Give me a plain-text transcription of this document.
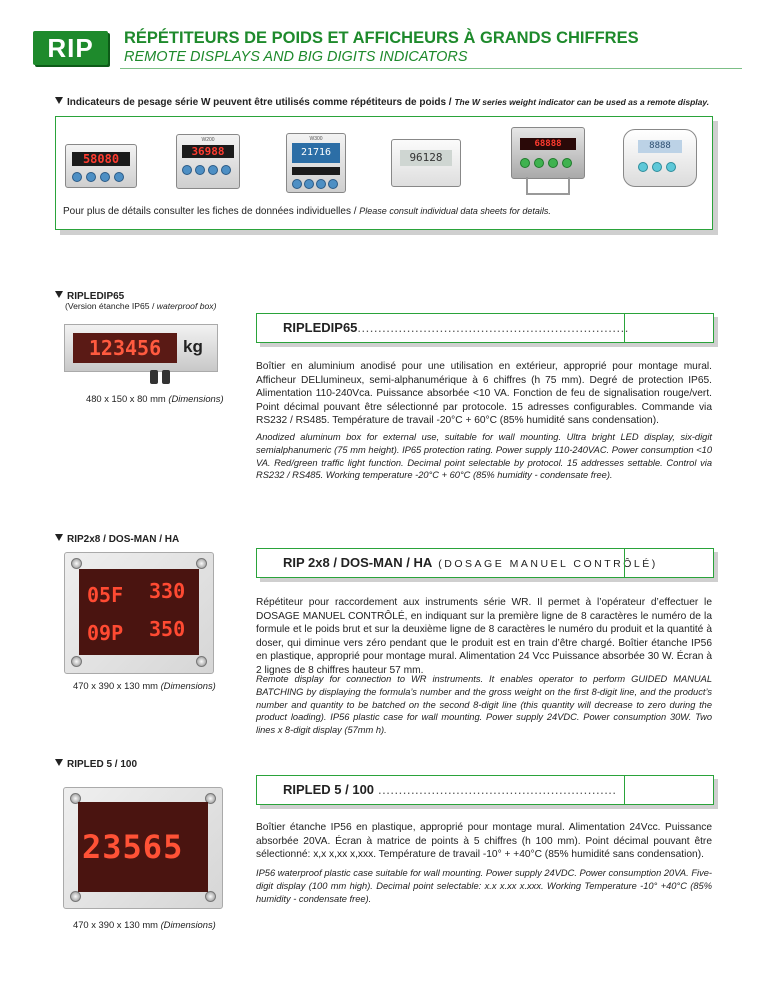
RIP	RÉPÉTITEURS DE POIDS ET AFFICHEURS À GRANDS CHIFFRES
REMOTE DISPLAYS AND BIG DIGITS INDICATORS
Indicateurs de pesage série W peuvent être utilisés comme répétiteurs de poids / The W series weight indicator can be used as a remote display.
58080
W200
36988
W300
21716	96128
68888	8888
Pour plus de détails consulter les fiches de données individuelles / Please consult individual data sheets for details.
RIPLEDIP65
(Version étanche IP65 / waterproof box)
123456	kg
480 x 150 x 80 mm (Dimensions)
RIPLEDIP65..................................................................
Boîtier en aluminium anodisé pour une utilisation en extérieur, approprié pour montage mural. Afficheur DELlumineux, semi-alphanumérique à 6 chiffres (h 75 mm). Degré de protection IP65. Alimentation 110-240Vca. Puissance absorbée <10 VA. Fonction de feu de signalisation rouge/vert. Point décimal pouvant être sélectionné par protocole. 15 adresses configurables. Commande via RS232 / RS485. Température de travail -20°C + 60°C (85% humidité sans condensation).
Anodized aluminum box for external use, suitable for wall mounting. Ultra bright LED display, six-digit semialphanumeric (75 mm height). IP65 protection rating. Power supply 110-240VAC. Power consumption <10 VA. Red/green traffic light function. Decimal point selectable by protocol. 15 addresses settable. Control via RS232 / RS485. Working temperature -20°C + 60°C (85% humidity - condensate free).
RIP2x8 / DOS-MAN / HA
05F 330
09P 350
470 x 390 x 130 mm (Dimensions)
RIP 2x8 / DOS-MAN / HA (DOSAGE MANUEL CONTRÔLÉ)
Répétiteur pour raccordement aux instruments série WR. Il permet à l’opérateur d’effectuer le DOSAGE MANUEL CONTRÔLÉ, en indiquant sur la première ligne de 8 caractères le numéro de la formule et le poids brut et sur la deuxième ligne de 8 caractères le numéro du produit et la quantité à doser, qui diminue vers zéro pendant que le produit est en train d’être chargé. Boîtier étanche IP56 en plastique, approprié pour montage mural. Alimentation 24 Vcc Puissance absorbée 30 W. Écran à 2 lignes de 8 chiffres hauteur 57 mm.
Remote display for connection to WR instruments. It enables operator to perform GUIDED MANUAL BATCHING by displaying the formula’s number and the gross weight on the first 8-digit line, and the product’s number and quantity to be batched on the second 8-digit line (this quantity will decrease to zero during the product loading). IP56 plastic case for wall mounting. Power supply 24VDC. Power consumption 30W. Two lines x 8-digit display (57mm h).
RIPLED 5 / 100
23565
470 x 390 x 130 mm (Dimensions)
RIPLED 5 / 100 ..........................................................
Boîtier étanche IP56 en plastique, approprié pour montage mural. Alimentation 24Vcc. Puissance absorbée 20VA. Écran à matrice de points à 5 chiffres (h 100 mm). Point décimal pouvant être sélectionné: x,x x,xx x,xxx. Température de travail -10° + +40°C (85% humidité sans condensation).
IP56 waterproof plastic case suitable for wall mounting. Power supply 24VDC. Power consumption 20VA. Five-digit display (100 mm high). Decimal point selectable: x.x x.xx x.xxx. Working Temperature -10° +40°C (85% humidity - condensate free).
